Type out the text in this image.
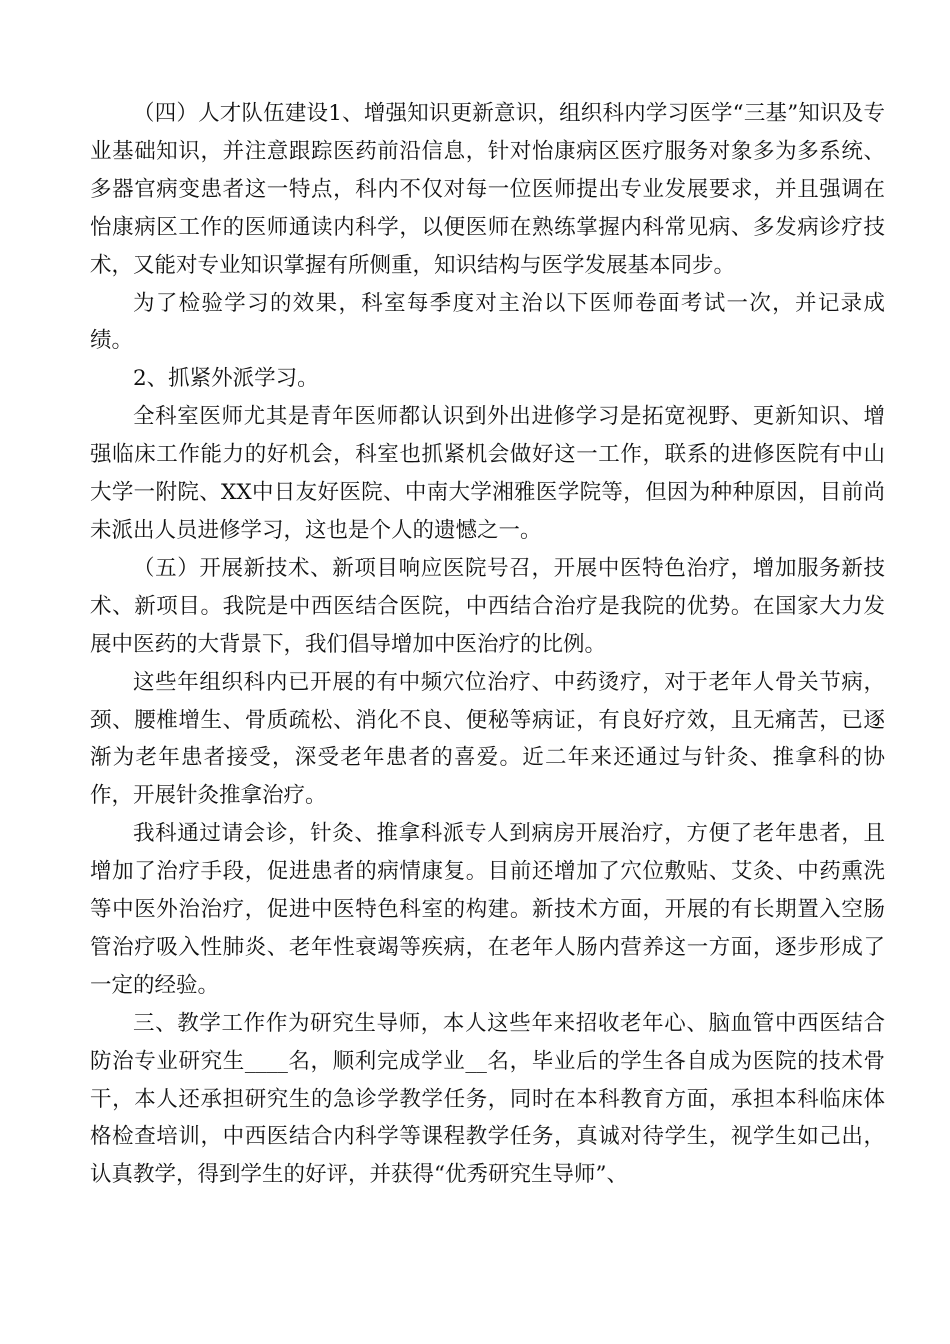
（四）人才队伍建设1、增强知识更新意识，组织科内学习医学“三基”知识及专业基础知识，并注意跟踪医药前沿信息，针对怡康病区医疗服务对象多为多系统、多器官病变患者这一特点，科内不仅对每一位医师提出专业发展要求，并且强调在怡康病区工作的医师通读内科学，以便医师在熟练掌握内科常见病、多发病诊疗技术，又能对专业知识掌握有所侧重，知识结构与医学发展基本同步。

为了检验学习的效果，科室每季度对主治以下医师卷面考试一次，并记录成绩。

2、抓紧外派学习。

全科室医师尤其是青年医师都认识到外出进修学习是拓宽视野、更新知识、增强临床工作能力的好机会，科室也抓紧机会做好这一工作，联系的进修医院有中山大学一附院、XX中日友好医院、中南大学湘雅医学院等，但因为种种原因，目前尚未派出人员进修学习，这也是个人的遗憾之一。

（五）开展新技术、新项目响应医院号召，开展中医特色治疗，增加服务新技术、新项目。我院是中西医结合医院，中西结合治疗是我院的优势。在国家大力发展中医药的大背景下，我们倡导增加中医治疗的比例。

这些年组织科内已开展的有中频穴位治疗、中药烫疗，对于老年人骨关节病，颈、腰椎增生、骨质疏松、消化不良、便秘等病证，有良好疗效，且无痛苦，已逐渐为老年患者接受，深受老年患者的喜爱。近二年来还通过与针灸、推拿科的协作，开展针灸推拿治疗。

我科通过请会诊，针灸、推拿科派专人到病房开展治疗，方便了老年患者，且增加了治疗手段，促进患者的病情康复。目前还增加了穴位敷贴、艾灸、中药熏洗等中医外治治疗，促进中医特色科室的构建。新技术方面，开展的有长期置入空肠管治疗吸入性肺炎、老年性衰竭等疾病，在老年人肠内营养这一方面，逐步形成了一定的经验。

三、教学工作作为研究生导师，本人这些年来招收老年心、脑血管中西医结合防治专业研究生____名，顺利完成学业__名，毕业后的学生各自成为医院的技术骨干，本人还承担研究生的急诊学教学任务，同时在本科教育方面，承担本科临床体格检查培训，中西医结合内科学等课程教学任务，真诚对待学生，视学生如己出，认真教学，得到学生的好评，并获得“优秀研究生导师”、
